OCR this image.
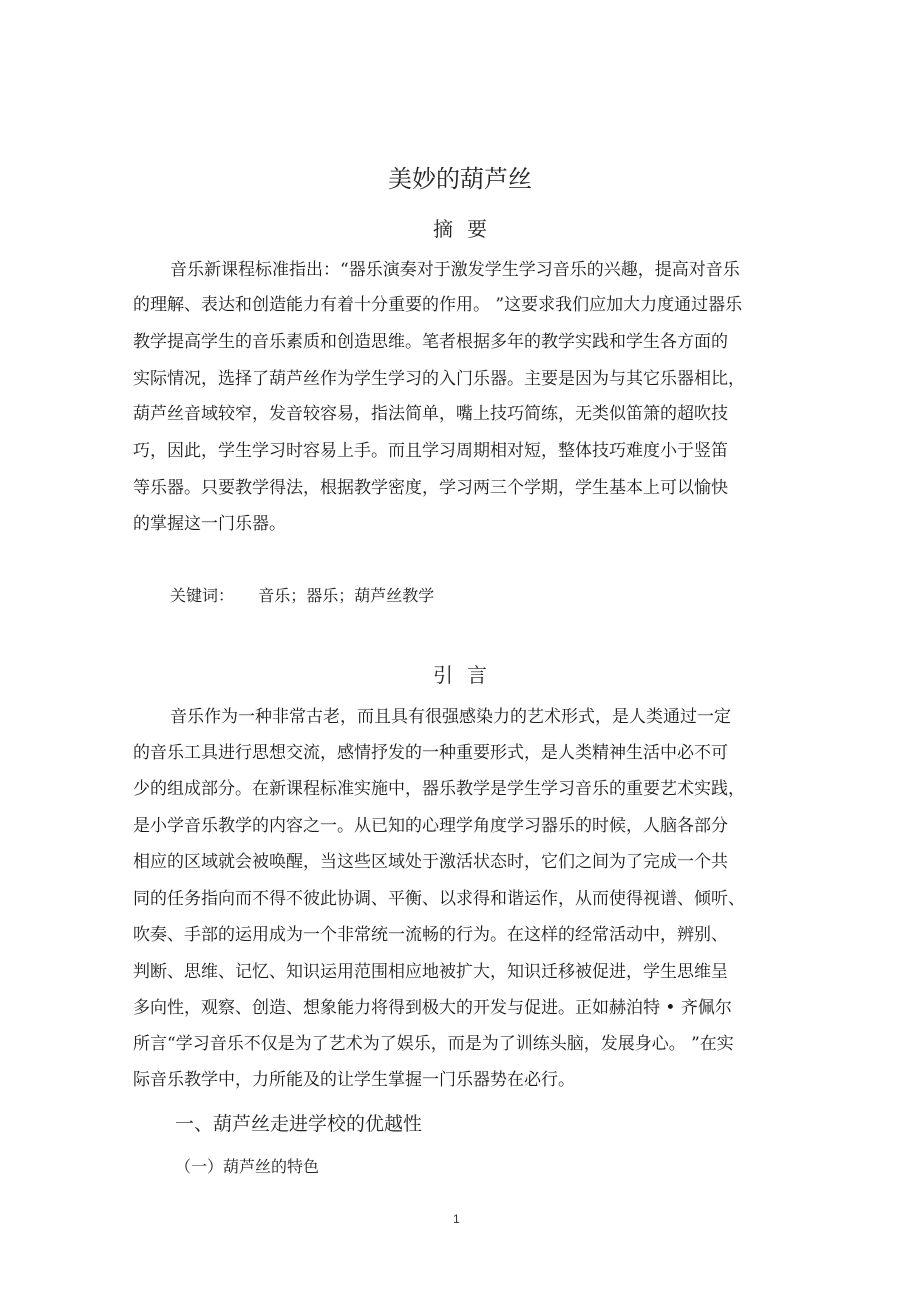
美妙的葫芦丝
摘要
音乐新课程标准指出：“器乐演奏对于激发学生学习音乐的兴趣，提高对音乐
的理解、表达和创造能力有着十分重要的作用。 ”这要求我们应加大力度通过器乐
教学提高学生的音乐素质和创造思维。笔者根据多年的教学实践和学生各方面的
实际情况，选择了葫芦丝作为学生学习的入门乐器。主要是因为与其它乐器相比，
葫芦丝音域较窄，发音较容易，指法简单，嘴上技巧简练，无类似笛箫的超吹技
巧，因此，学生学习时容易上手。而且学习周期相对短，整体技巧难度小于竖笛
等乐器。只要教学得法，根据教学密度，学习两三个学期，学生基本上可以愉快
的掌握这一门乐器。
关键词： 音乐；器乐；葫芦丝教学
引言
音乐作为一种非常古老，而且具有很强感染力的艺术形式，是人类通过一定
的音乐工具进行思想交流，感情抒发的一种重要形式，是人类精神生活中必不可
少的组成部分。在新课程标准实施中，器乐教学是学生学习音乐的重要艺术实践，
是小学音乐教学的内容之一。从已知的心理学角度学习器乐的时候，人脑各部分
相应的区域就会被唤醒，当这些区域处于激活状态时，它们之间为了完成一个共
同的任务指向而不得不彼此协调、平衡、以求得和谐运作，从而使得视谱、倾听、
吹奏、手部的运用成为一个非常统一流畅的行为。在这样的经常活动中，辨别、
判断、思维、记忆、知识运用范围相应地被扩大，知识迁移被促进，学生思维呈
多向性，观察、创造、想象能力将得到极大的开发与促进。正如赫泊特 • 齐佩尔
所言“学习音乐不仅是为了艺术为了娱乐，而是为了训练头脑，发展身心。 ”在实
际音乐教学中，力所能及的让学生掌握一门乐器势在必行。
一、葫芦丝走进学校的优越性
（一）葫芦丝的特色
1
